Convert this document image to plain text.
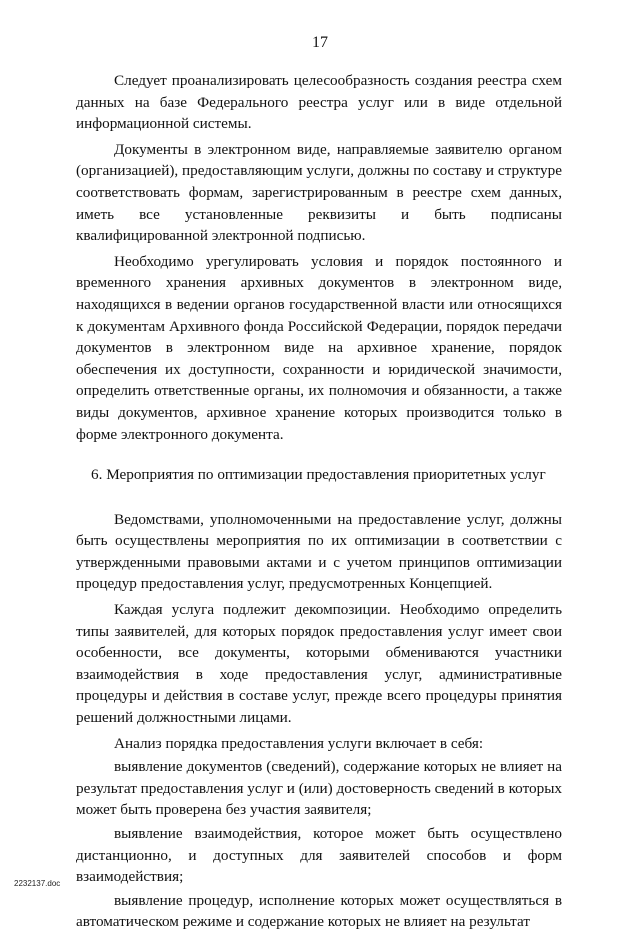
17

Следует проанализировать целесообразность создания реестра схем данных на базе Федерального реестра услуг или в виде отдельной информационной системы.

Документы в электронном виде, направляемые заявителю органом (организацией), предоставляющим услуги, должны по составу и структуре соответствовать формам, зарегистрированным в реестре схем данных, иметь все установленные реквизиты и быть подписаны квалифицированной электронной подписью.

Необходимо урегулировать условия и порядок постоянного и временного хранения архивных документов в электронном виде, находящихся в ведении органов государственной власти или относящихся к документам Архивного фонда Российской Федерации, порядок передачи документов в электронном виде на архивное хранение, порядок обеспечения их доступности, сохранности и юридической значимости, определить ответственные органы, их полномочия и обязанности, а также виды документов, архивное хранение которых производится только в форме электронного документа.

6. Мероприятия по оптимизации предоставления приоритетных услуг

Ведомствами, уполномоченными на предоставление услуг, должны быть осуществлены мероприятия по их оптимизации в соответствии с утвержденными правовыми актами и с учетом принципов оптимизации процедур предоставления услуг, предусмотренных Концепцией.

Каждая услуга подлежит декомпозиции. Необходимо определить типы заявителей, для которых порядок предоставления услуг имеет свои особенности, все документы, которыми обмениваются участники взаимодействия в ходе предоставления услуг, административные процедуры и действия в составе услуг, прежде всего процедуры принятия решений должностными лицами.

Анализ порядка предоставления услуги включает в себя:

выявление документов (сведений), содержание которых не влияет на результат предоставления услуг и (или) достоверность сведений в которых может быть проверена без участия заявителя;

выявление взаимодействия, которое может быть осуществлено дистанционно, и доступных для заявителей способов и форм взаимодействия;

выявление процедур, исполнение которых может осуществляться в автоматическом режиме и содержание которых не влияет на результат

2232137.doc
